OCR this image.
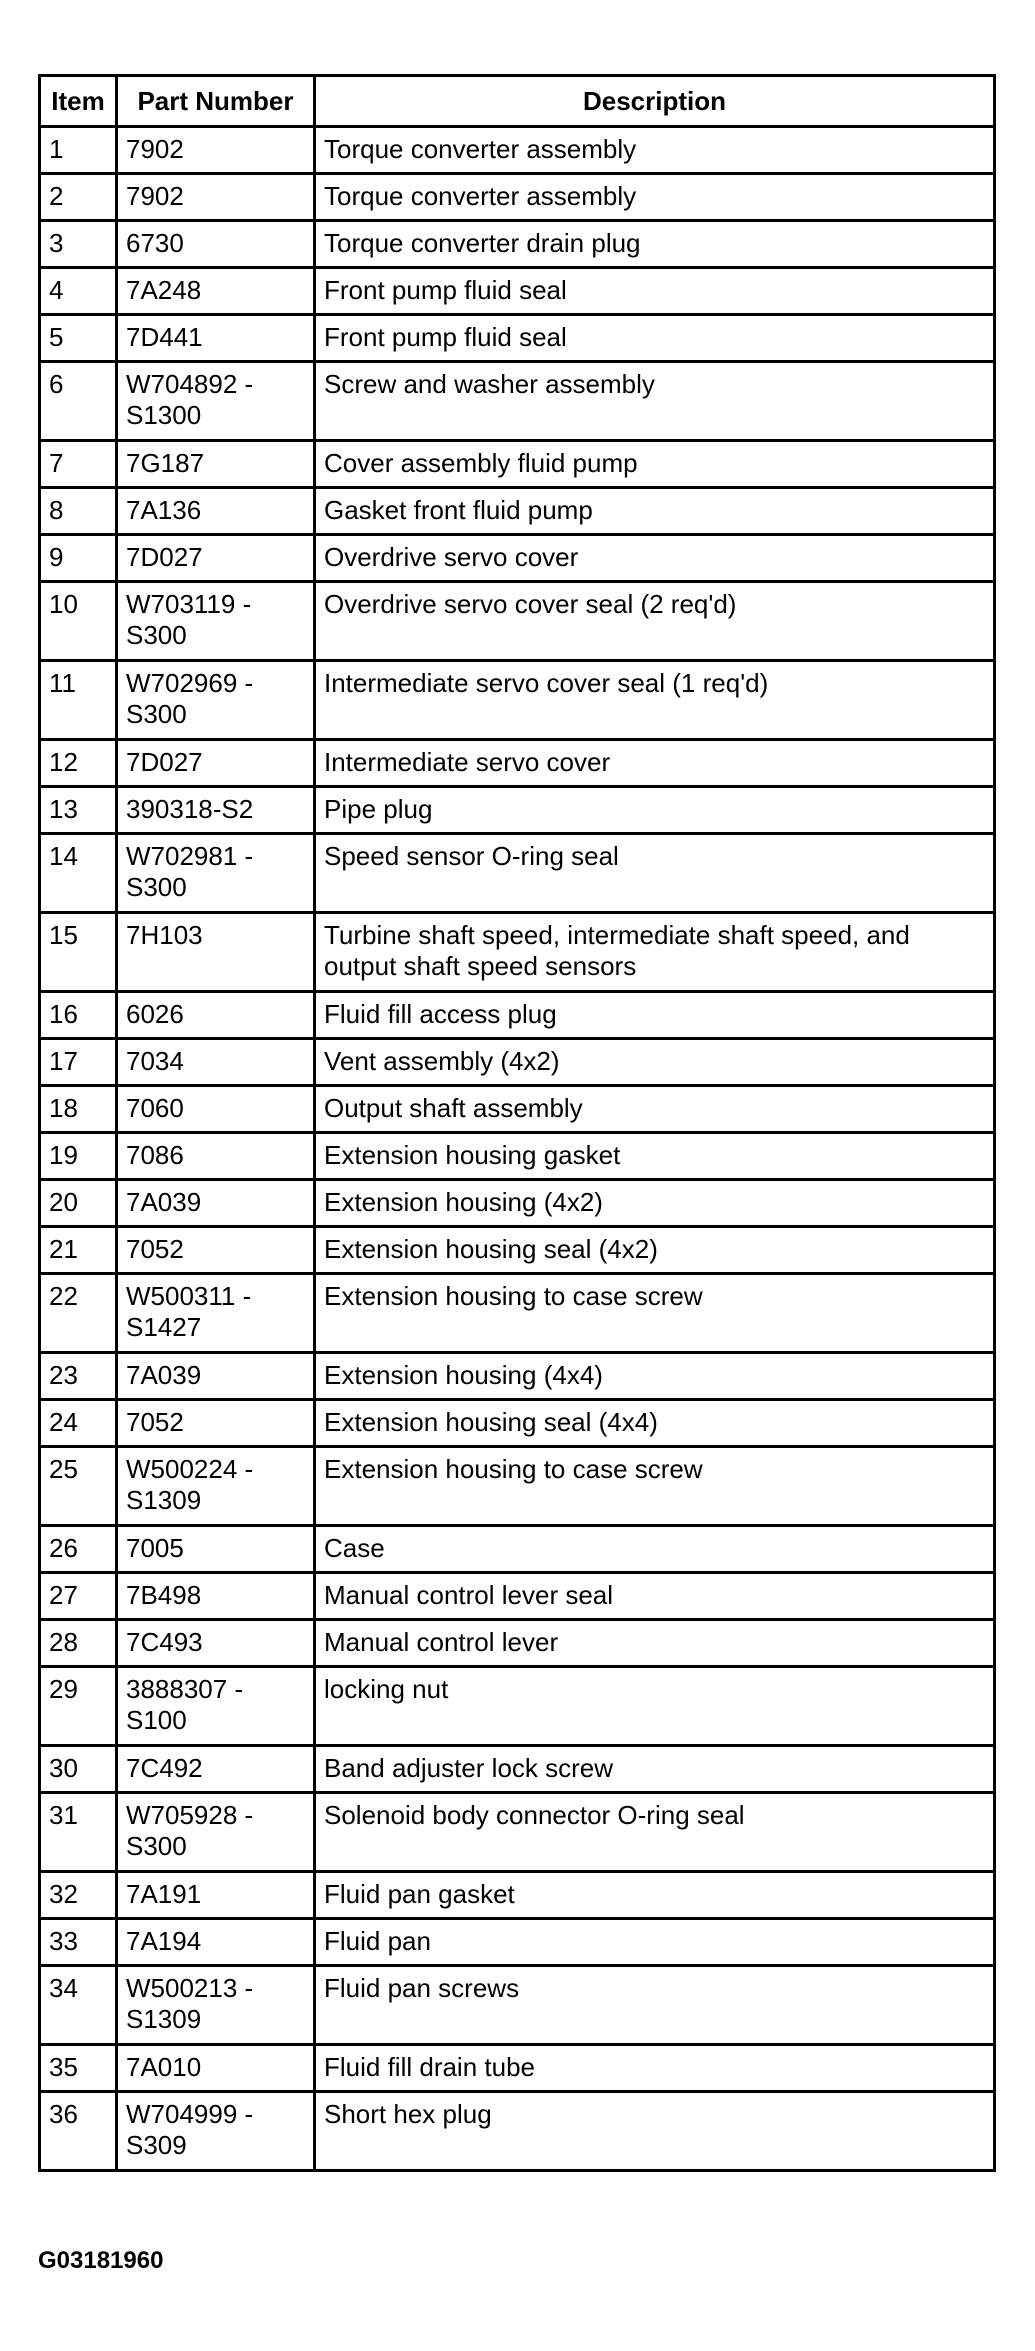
Item	Part Number	Description
1	7902	Torque converter assembly
2	7902	Torque converter assembly
3	6730	Torque converter drain plug
4	7A248	Front pump fluid seal
5	7D441	Front pump fluid seal
6	W704892 - S1300	Screw and washer assembly
7	7G187	Cover assembly fluid pump
8	7A136	Gasket front fluid pump
9	7D027	Overdrive servo cover
10	W703119 - S300	Overdrive servo cover seal (2 req'd)
11	W702969 - S300	Intermediate servo cover seal (1 req'd)
12	7D027	Intermediate servo cover
13	390318-S2	Pipe plug
14	W702981 - S300	Speed sensor O-ring seal
15	7H103	Turbine shaft speed, intermediate shaft speed, and output shaft speed sensors
16	6026	Fluid fill access plug
17	7034	Vent assembly (4x2)
18	7060	Output shaft assembly
19	7086	Extension housing gasket
20	7A039	Extension housing (4x2)
21	7052	Extension housing seal (4x2)
22	W500311 - S1427	Extension housing to case screw
23	7A039	Extension housing (4x4)
24	7052	Extension housing seal (4x4)
25	W500224 - S1309	Extension housing to case screw
26	7005	Case
27	7B498	Manual control lever seal
28	7C493	Manual control lever
29	3888307 - S100	locking nut
30	7C492	Band adjuster lock screw
31	W705928 - S300	Solenoid body connector O-ring seal
32	7A191	Fluid pan gasket
33	7A194	Fluid pan
34	W500213 - S1309	Fluid pan screws
35	7A010	Fluid fill drain tube
36	W704999 - S309	Short hex plug
G03181960
